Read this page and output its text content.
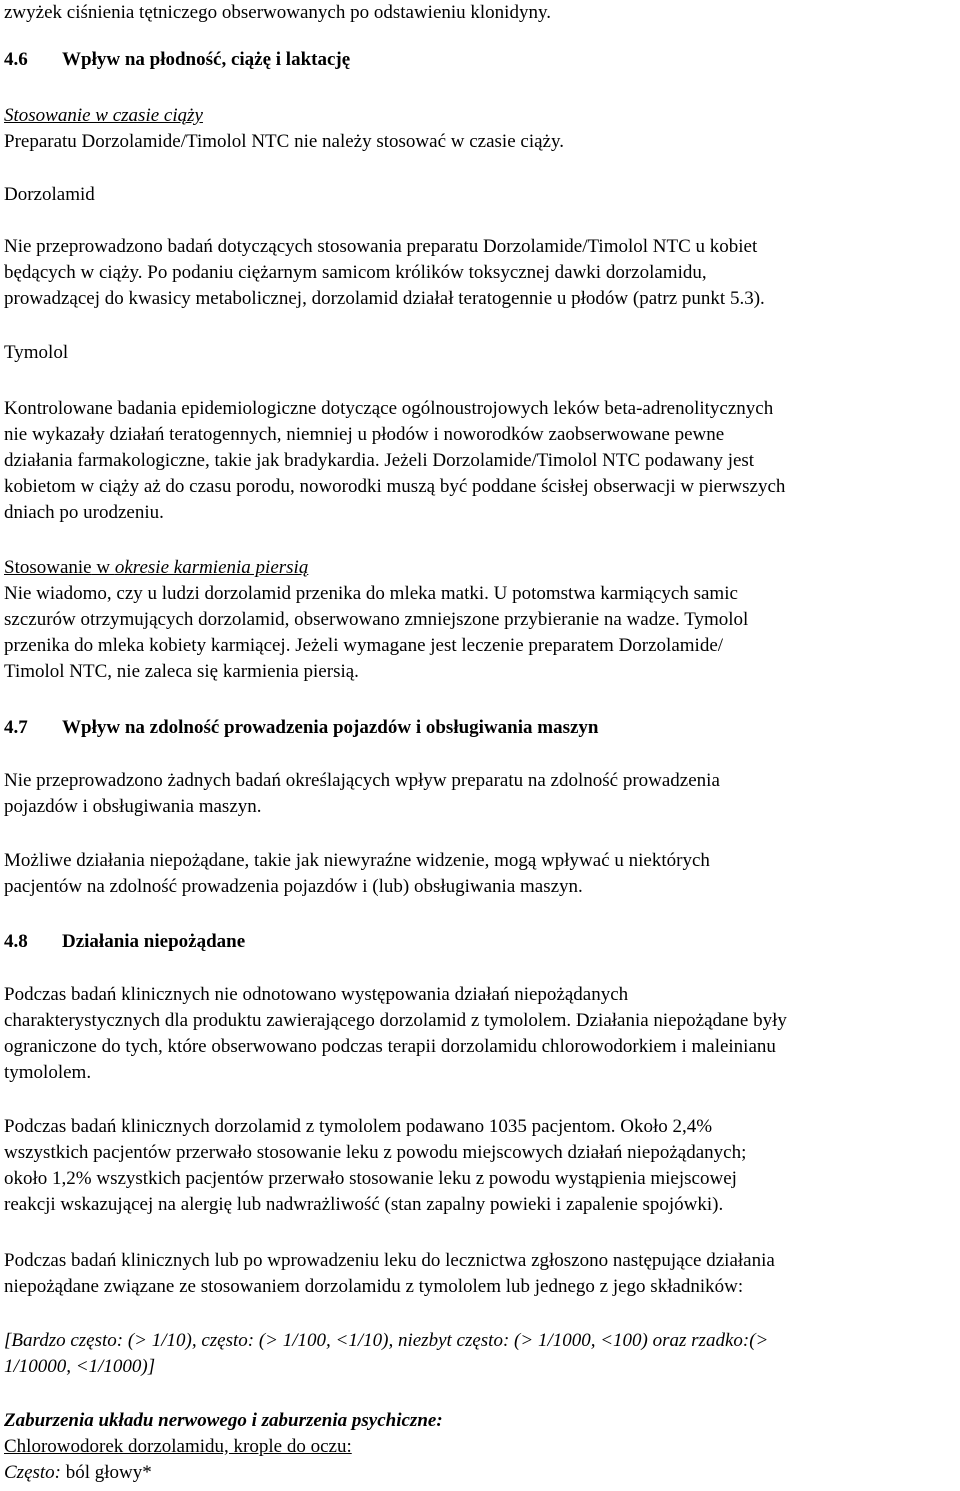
zwyżek ciśnienia tętniczego obserwowanych po odstawieniu klonidyny.
4.6 Wpływ na płodność, ciążę i laktację
Stosowanie w czasie ciąży
Preparatu Dorzolamide/Timolol NTC nie należy stosować w czasie ciąży.
Dorzolamid
Nie przeprowadzono badań dotyczących stosowania preparatu Dorzolamide/Timolol NTC u kobiet
będących w ciąży. Po podaniu ciężarnym samicom królików toksycznej dawki dorzolamidu,
prowadzącej do kwasicy metabolicznej, dorzolamid działał teratogennie u płodów (patrz punkt 5.3).
Tymolol
Kontrolowane badania epidemiologiczne dotyczące ogólnoustrojowych leków beta-adrenolitycznych
nie wykazały działań teratogennych, niemniej u płodów i noworodków zaobserwowane pewne
działania farmakologiczne, takie jak bradykardia. Jeżeli Dorzolamide/Timolol NTC podawany jest
kobietom w ciąży aż do czasu porodu, noworodki muszą być poddane ścisłej obserwacji w pierwszych
dniach po urodzeniu.
Stosowanie w okresie karmienia piersią
Nie wiadomo, czy u ludzi dorzolamid przenika do mleka matki. U potomstwa karmiących samic
szczurów otrzymujących dorzolamid, obserwowano zmniejszone przybieranie na wadze. Tymolol
przenika do mleka kobiety karmiącej. Jeżeli wymagane jest leczenie preparatem Dorzolamide/
Timolol NTC, nie zaleca się karmienia piersią.
4.7 Wpływ na zdolność prowadzenia pojazdów i obsługiwania maszyn
Nie przeprowadzono żadnych badań określających wpływ preparatu na zdolność prowadzenia
pojazdów i obsługiwania maszyn.
Możliwe działania niepożądane, takie jak niewyraźne widzenie, mogą wpływać u niektórych
pacjentów na zdolność prowadzenia pojazdów i (lub) obsługiwania maszyn.
4.8 Działania niepożądane
Podczas badań klinicznych nie odnotowano występowania działań niepożądanych
charakterystycznych dla produktu zawierającego dorzolamid z tymololem. Działania niepożądane były
ograniczone do tych, które obserwowano podczas terapii dorzolamidu chlorowodorkiem i maleinianu
tymololem.
Podczas badań klinicznych dorzolamid z tymololem podawano 1035 pacjentom. Około 2,4%
wszystkich pacjentów przerwało stosowanie leku z powodu miejscowych działań niepożądanych;
około 1,2% wszystkich pacjentów przerwało stosowanie leku z powodu wystąpienia miejscowej
reakcji wskazującej na alergię lub nadwrażliwość (stan zapalny powieki i zapalenie spojówki).
Podczas badań klinicznych lub po wprowadzeniu leku do lecznictwa zgłoszono następujące działania
niepożądane związane ze stosowaniem dorzolamidu z tymololem lub jednego z jego składników:
[Bardzo często: (> 1/10), często: (> 1/100, <1/10), niezbyt często: (> 1/1000, <100) oraz rzadko:(>
1/10000, <1/1000)]
Zaburzenia układu nerwowego i zaburzenia psychiczne:
Chlorowodorek dorzolamidu, krople do oczu:
Często: ból głowy*
